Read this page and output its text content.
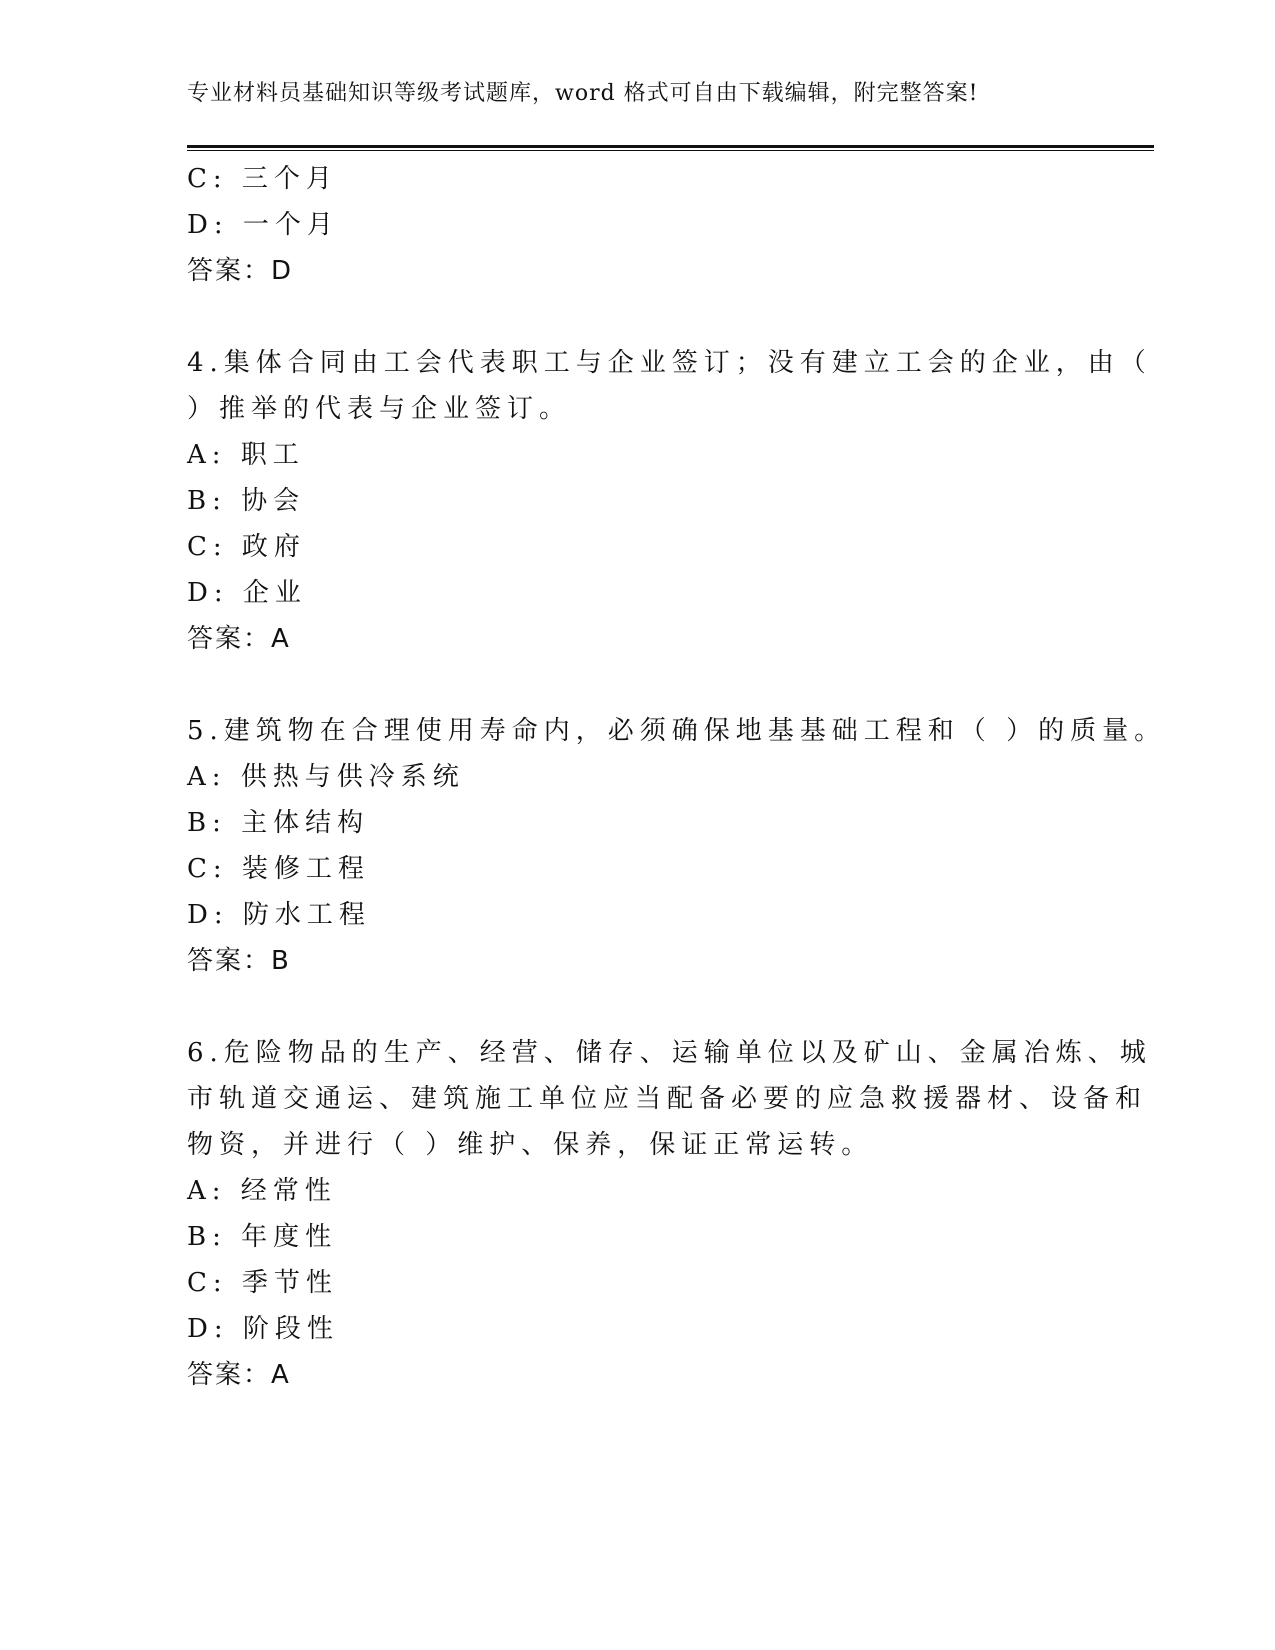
专业材料员基础知识等级考试题库，word 格式可自由下载编辑，附完整答案!
C: 三个月
D: 一个月
答案：D
4.集体合同由工会代表职工与企业签订；没有建立工会的企业，由（
）推举的代表与企业签订。
A: 职工
B: 协会
C: 政府
D: 企业
答案：A
5.建筑物在合理使用寿命内，必须确保地基基础工程和（ ）的质量。
A: 供热与供冷系统
B: 主体结构
C: 装修工程
D: 防水工程
答案：B
6.危险物品的生产、经营、储存、运输单位以及矿山、金属冶炼、城
市轨道交通运、建筑施工单位应当配备必要的应急救援器材、设备和
物资，并进行（ ）维护、保养，保证正常运转。
A: 经常性
B: 年度性
C: 季节性
D: 阶段性
答案：A
